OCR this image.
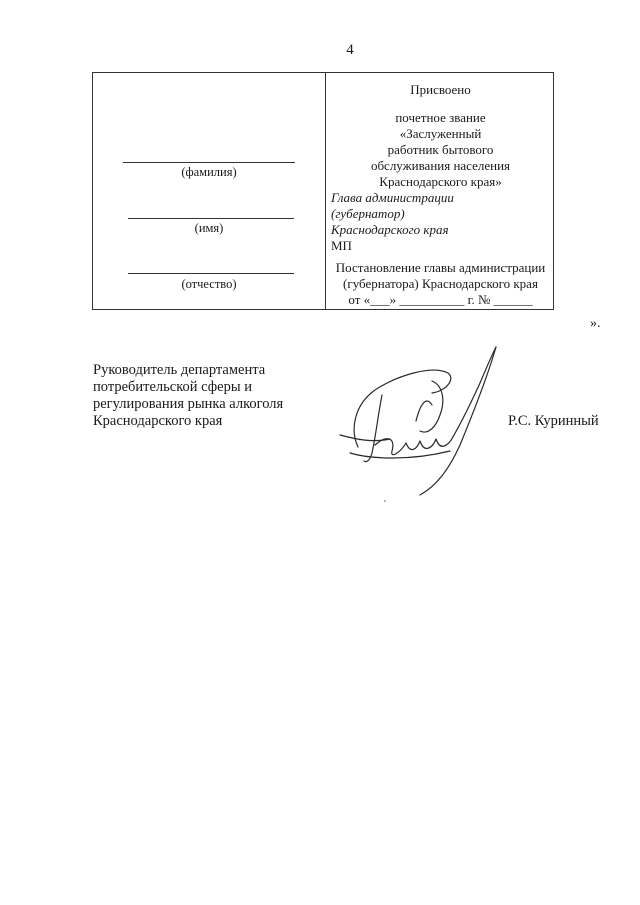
4
(фамилия)
(имя)
(отчество)
Присвоено
почетное звание
«Заслуженный
работник бытового
обслуживания населения
Краснодарского края»
Глава администрации
(губернатор)
Краснодарского края
МП
Постановление главы администрации
(губернатора) Краснодарского края
от «___» __________ г. № ______
».
Руководитель департамента
потребительской сферы и
регулирования рынка алкоголя
Краснодарского края	Р.С. Куринный
